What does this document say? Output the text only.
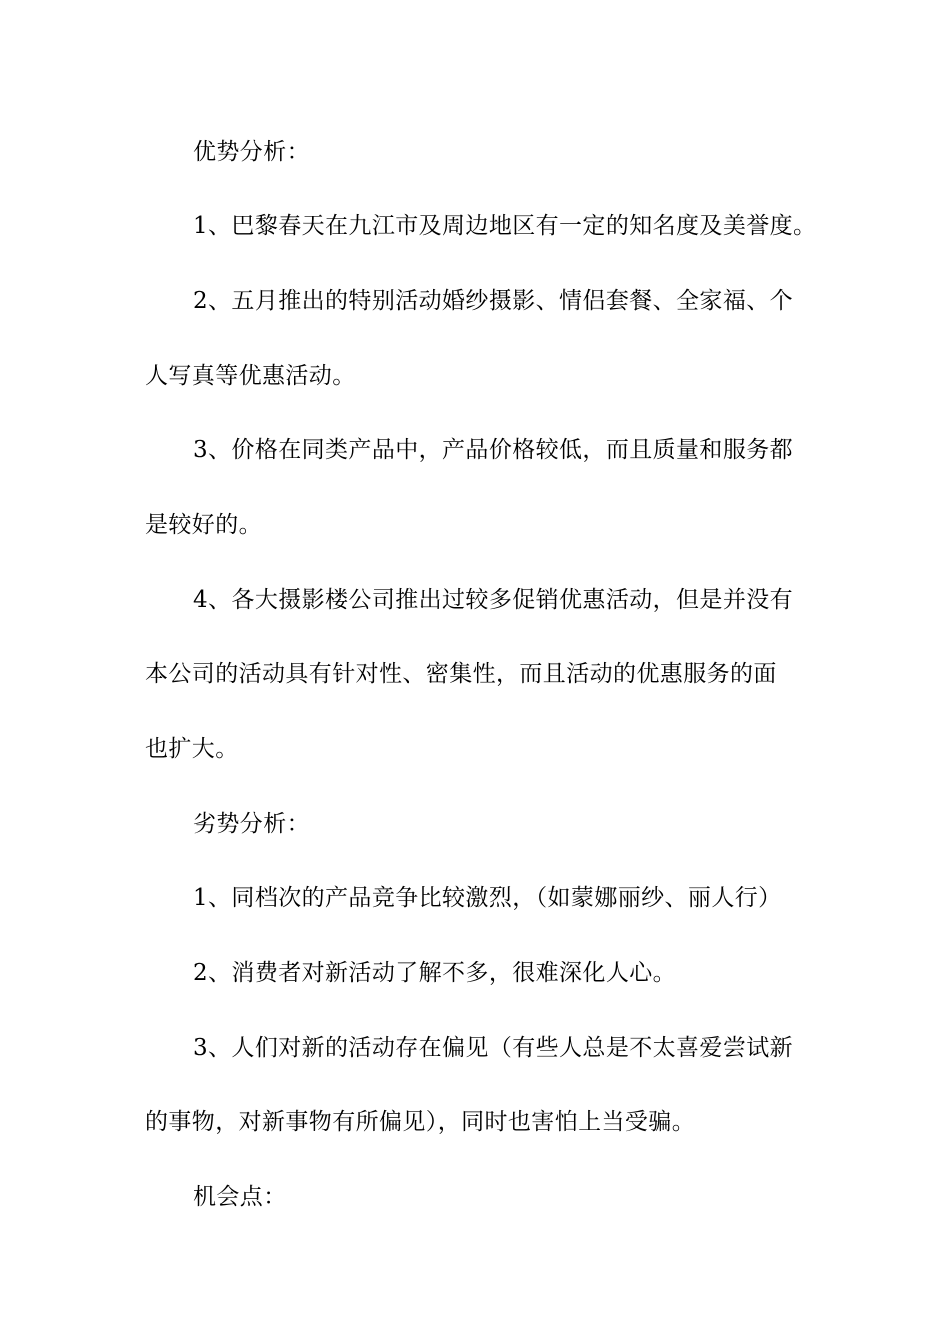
优势分析：
1、巴黎春天在九江市及周边地区有一定的知名度及美誉度。
2、五月推出的特别活动婚纱摄影、情侣套餐、全家福、个
人写真等优惠活动。
3、价格在同类产品中，产品价格较低，而且质量和服务都
是较好的。
4、各大摄影楼公司推出过较多促销优惠活动，但是并没有
本公司的活动具有针对性、密集性，而且活动的优惠服务的面
也扩大。
劣势分析：
1、同档次的产品竞争比较激烈，（如蒙娜丽纱、丽人行）
2、消费者对新活动了解不多，很难深化人心。
3、人们对新的活动存在偏见（有些人总是不太喜爱尝试新
的事物，对新事物有所偏见），同时也害怕上当受骗。
机会点：
